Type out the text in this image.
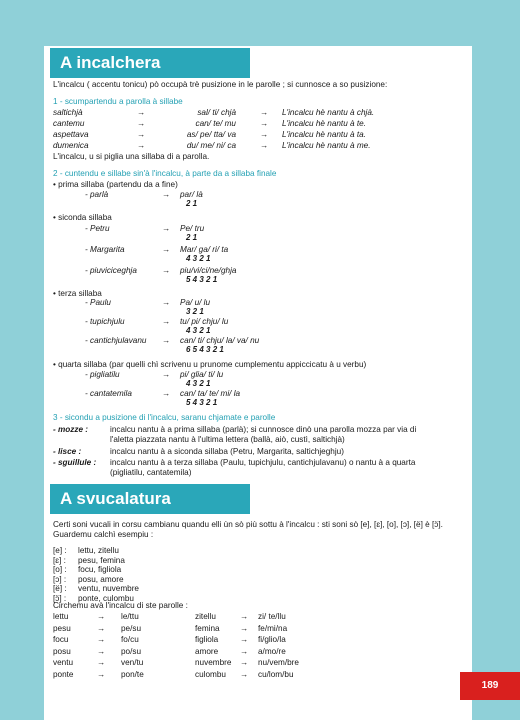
A incalchera
L'incalcu ( accentu tonicu) pò occupà trè pusizione in le parolle ; si cunnosce a so pusizione:
1 - scumpartendu a parolla à sillabe
saltichjà	→	sal/ ti/ chjà	→ L'incalcu hè nantu à chjà.
cantemu	→	can/ te/ mu	→ L'incalcu hè nantu à te.
aspettava	→	as/ pe/ tta/ va	→ L'incalcu hè nantu à ta.
dumenica	→	du/ me/ ni/ ca	→ L'incalcu hè nantu à me.
L'incalcu, u si piglia una sillaba di a parolla.
2 - cuntendu e sillabe sin'à l'incalcu, à parte da a sillaba finale
• prima sillaba (partendu da a fine)
• siconda sillaba
• terza sillaba
• quarta sillaba (par quelli chì scrivenu u prunome cumplementu appiccicatu à u verbu)
- parlà	→ par/ là
2 1
- Petru	→ Pe/ tru
2 1
- Margarita	→ Mar/ ga/ ri/ ta
4 3 2 1
- piuviciceghja	→ piu/vi/ci/ne/ghja
5 4 3 2 1
- Paulu	→ Pa/ u/ lu
3 2 1
- tupichjulu	→ tu/ pi/ chju/ lu
4 3 2 1
- cantichjulavanu → can/ ti/ chju/ la/ va/ nu
6 5 4 3 2 1
- pigliatilu	→ pi/ glia/ ti/ lu
4 3 2 1
- cantatemila	→ can/ ta/ te/ mi/ la
5 4 3 2 1
3 - sicondu a pusizione di l'incalcu, saranu chjamate e parolle
- mozze :	incalcu nantu à a prima sillaba (parlà); si cunnosce dinò una parolla mozza par via di
l'aletta piazzata nantu à l'ultima lettera (ballà, aiò, custì, saltichjà)
- lisce :	incalcu nantu à a siconda sillaba (Petru, Margarita, saltichjeghju)
- sguillule : incalcu nantu à a terza sillaba (Paulu, tupichjulu, cantichjulavanu) o nantu à a quarta
(pigliatilu, cantatemila)
A svucalatura
Certi soni vucali in corsu cambianu quandu elli ùn sò più sottu à l'incalcu : sti soni sò [e], [ɛ], [o], [ɔ], [ë] è [ɔ̈].
Guardemu calchì esempiu :
[e] : lettu, zitellu
[ɛ] : pesu, femina
[o] : focu, figliola
[ɔ] : posu, amore
[ë] : ventu, nuvembre
[ɔ̈] : ponte, culombu
Circhemu avà l'incalcu di ste parolle :
lettu	→ le/ttu	zitellu	→ zi/ te/llu
pesu	→ pe/su	femina → fe/mi/na
focu	→ fo/cu	figliola	→ fi/glio/la
posu	→ po/su	amore	→ a/mo/re
ventu	→ ven/tu	nuvembre → nu/vem/bre
ponte	→ pon/te	culombu → cu/lom/bu
189
